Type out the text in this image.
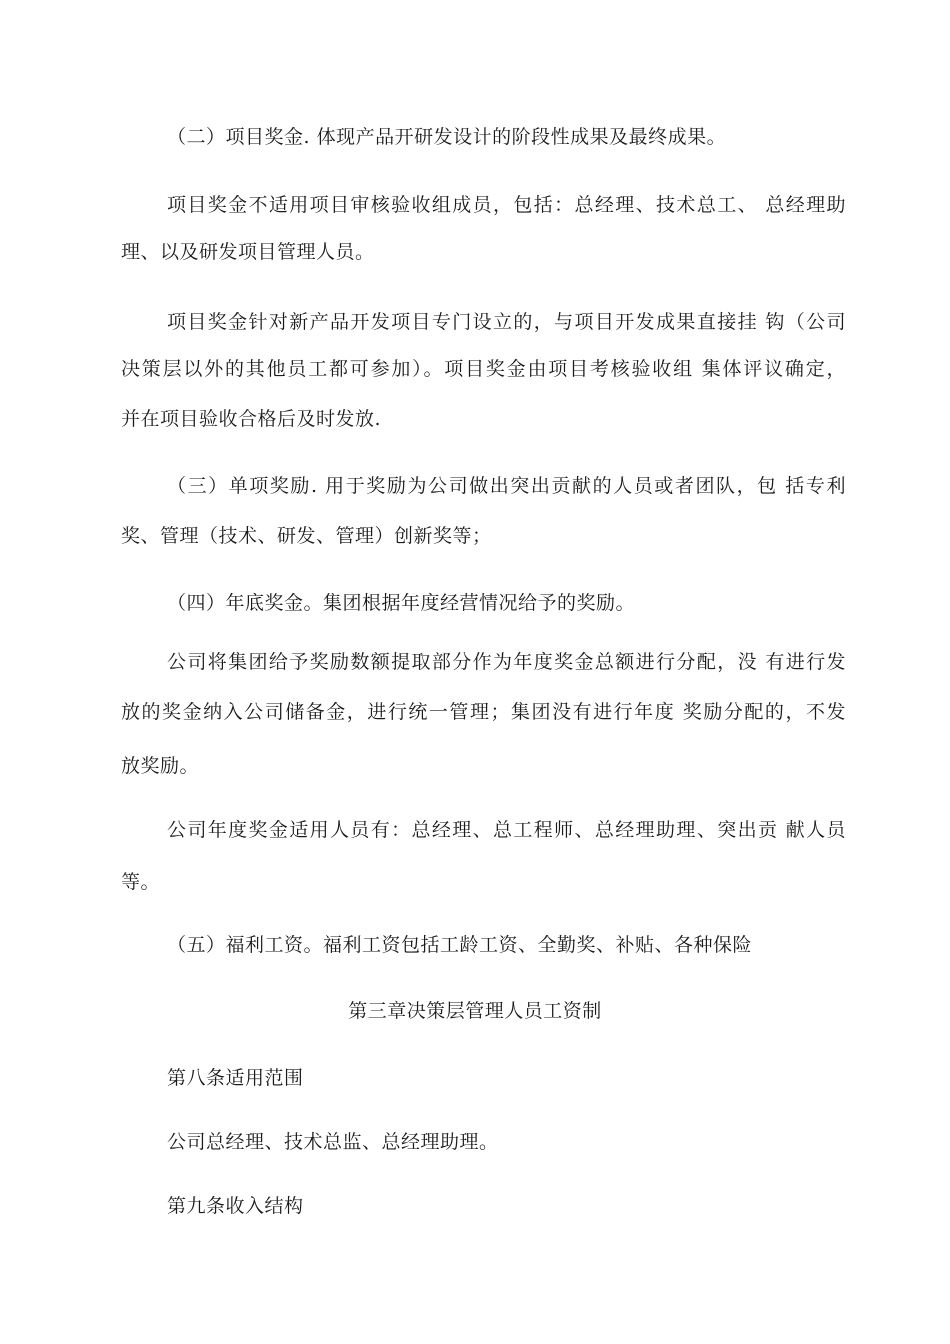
（二）项目奖金. 体现产品开研发设计的阶段性成果及最终成果。
项目奖金不适用项目审核验收组成员，包括：总经理、技术总工、 总经理助
理、以及研发项目管理人员。
项目奖金针对新产品开发项目专门设立的，与项目开发成果直接挂 钩（公司
决策层以外的其他员工都可参加）。项目奖金由项目考核验收组 集体评议确定，
并在项目验收合格后及时发放.
（三）单项奖励. 用于奖励为公司做出突出贡献的人员或者团队，包 括专利
奖、管理（技术、研发、管理）创新奖等；
（四）年底奖金。集团根据年度经营情况给予的奖励。
公司将集团给予奖励数额提取部分作为年度奖金总额进行分配，没 有进行发
放的奖金纳入公司储备金，进行统一管理；集团没有进行年度 奖励分配的，不发
放奖励。
公司年度奖金适用人员有：总经理、总工程师、总经理助理、突出贡 献人员
等。
（五）福利工资。福利工资包括工龄工资、全勤奖、补贴、各种保险
第三章决策层管理人员工资制
第八条适用范围
公司总经理、技术总监、总经理助理。
第九条收入结构
